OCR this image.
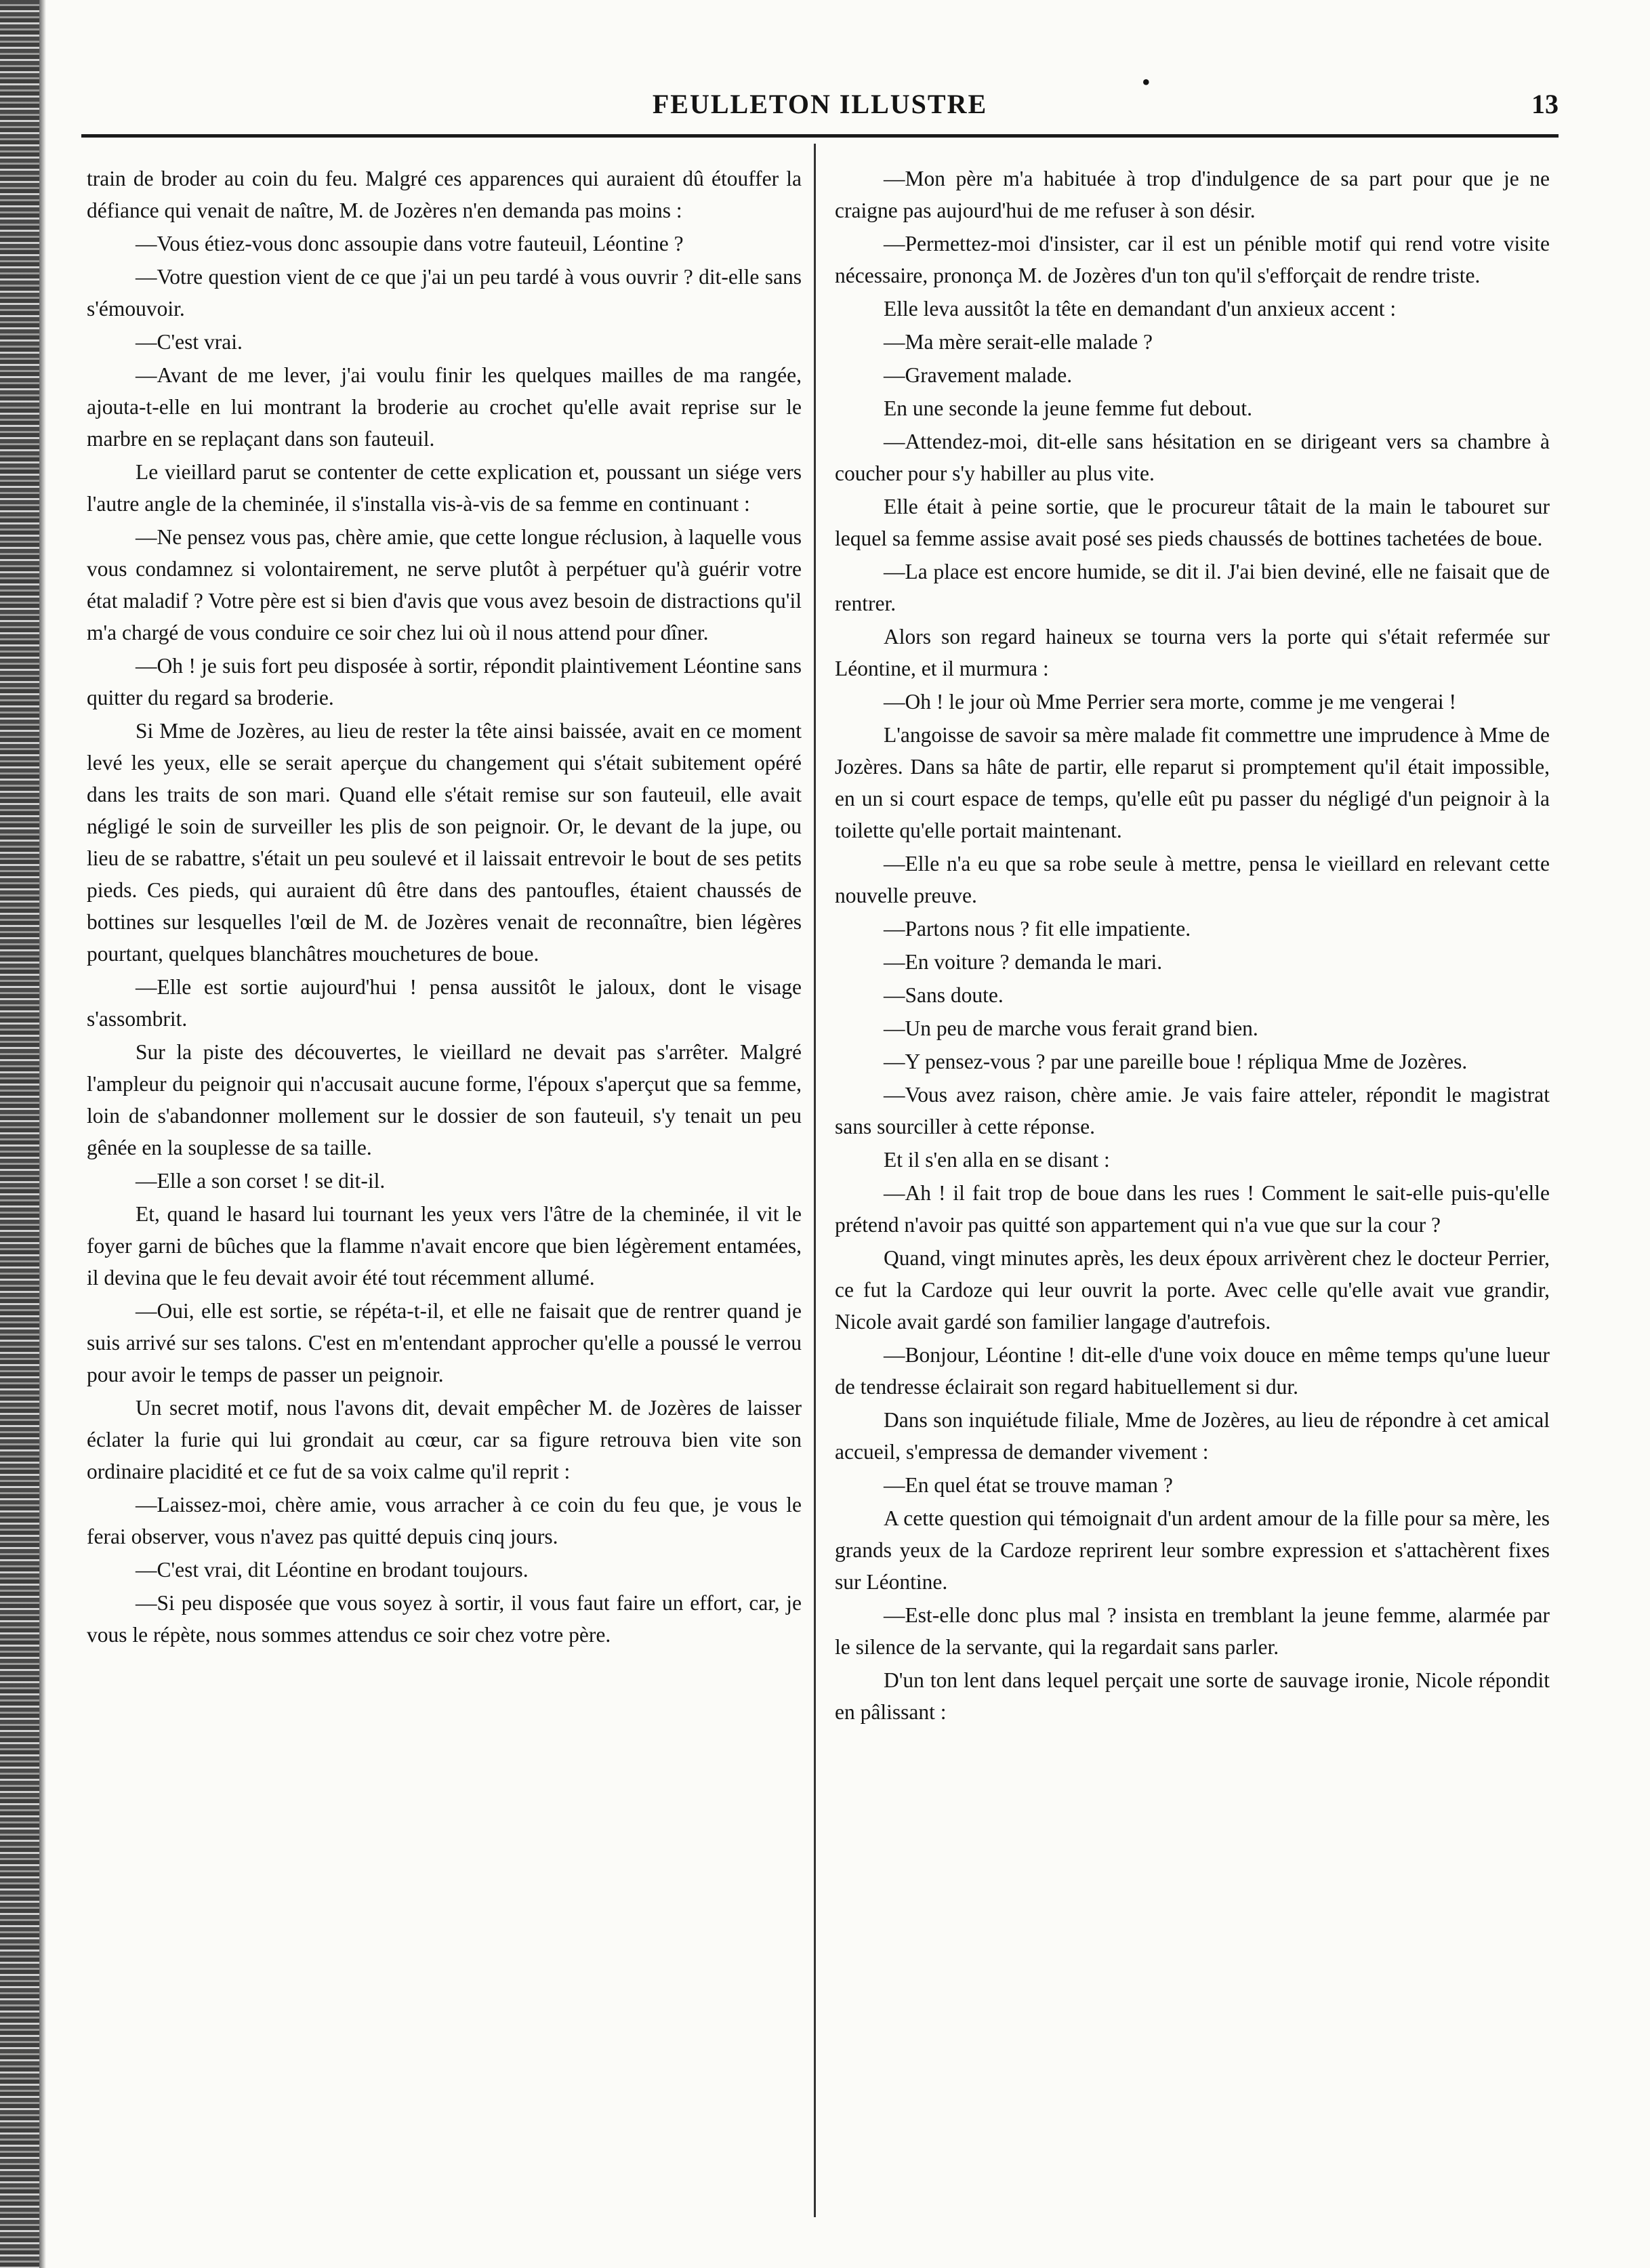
•
FEULLETON ILLUSTRE	13

train de broder au coin du feu. Malgré ces apparences qui auraient dû étouffer la défiance qui venait de naître, M. de Jozères n'en demanda pas moins :

—Vous étiez-vous donc assoupie dans votre fauteuil, Léontine ?

—Votre question vient de ce que j'ai un peu tardé à vous ouvrir ? dit-elle sans s'émouvoir.

—C'est vrai.

—Avant de me lever, j'ai voulu finir les quelques mailles de ma rangée, ajouta-t-elle en lui montrant la broderie au crochet qu'elle avait reprise sur le marbre en se replaçant dans son fauteuil.

Le vieillard parut se contenter de cette explication et, poussant un siége vers l'autre angle de la cheminée, il s'installa vis-à-vis de sa femme en continuant :

—Ne pensez vous pas, chère amie, que cette longue réclusion, à laquelle vous vous condamnez si volontairement, ne serve plutôt à perpétuer qu'à guérir votre état maladif ? Votre père est si bien d'avis que vous avez besoin de distractions qu'il m'a chargé de vous conduire ce soir chez lui où il nous attend pour dîner.

—Oh ! je suis fort peu disposée à sortir, répondit plaintivement Léontine sans quitter du regard sa broderie.

Si Mme de Jozères, au lieu de rester la tête ainsi baissée, avait en ce moment levé les yeux, elle se serait aperçue du changement qui s'était subitement opéré dans les traits de son mari. Quand elle s'était remise sur son fauteuil, elle avait négligé le soin de surveiller les plis de son peignoir. Or, le devant de la jupe, ou lieu de se rabattre, s'était un peu soulevé et il laissait entrevoir le bout de ses petits pieds. Ces pieds, qui auraient dû être dans des pantoufles, étaient chaussés de bottines sur lesquelles l'œil de M. de Jozères venait de reconnaître, bien légères pourtant, quelques blanchâtres mouchetures de boue.

—Elle est sortie aujourd'hui ! pensa aussitôt le jaloux, dont le visage s'assombrit.

Sur la piste des découvertes, le vieillard ne devait pas s'arrêter. Malgré l'ampleur du peignoir qui n'accusait aucune forme, l'époux s'aperçut que sa femme, loin de s'abandonner mollement sur le dossier de son fauteuil, s'y tenait un peu gênée en la souplesse de sa taille.

—Elle a son corset ! se dit-il.

Et, quand le hasard lui tournant les yeux vers l'âtre de la cheminée, il vit le foyer garni de bûches que la flamme n'avait encore que bien légèrement entamées, il devina que le feu devait avoir été tout récemment allumé.

—Oui, elle est sortie, se répéta-t-il, et elle ne faisait que de rentrer quand je suis arrivé sur ses talons. C'est en m'entendant approcher qu'elle a poussé le verrou pour avoir le temps de passer un peignoir.

Un secret motif, nous l'avons dit, devait empêcher M. de Jozères de laisser éclater la furie qui lui grondait au cœur, car sa figure retrouva bien vite son ordinaire placidité et ce fut de sa voix calme qu'il reprit :

—Laissez-moi, chère amie, vous arracher à ce coin du feu que, je vous le ferai observer, vous n'avez pas quitté depuis cinq jours.

—C'est vrai, dit Léontine en brodant toujours.

—Si peu disposée que vous soyez à sortir, il vous faut faire un effort, car, je vous le répète, nous sommes attendus ce soir chez votre père.

—Mon père m'a habituée à trop d'indulgence de sa part pour que je ne craigne pas aujourd'hui de me refuser à son désir.

—Permettez-moi d'insister, car il est un pénible motif qui rend votre visite nécessaire, prononça M. de Jozères d'un ton qu'il s'efforçait de rendre triste.

Elle leva aussitôt la tête en demandant d'un anxieux accent :

—Ma mère serait-elle malade ?

—Gravement malade.

En une seconde la jeune femme fut debout.

—Attendez-moi, dit-elle sans hésitation en se dirigeant vers sa chambre à coucher pour s'y habiller au plus vite.

Elle était à peine sortie, que le procureur tâtait de la main le tabouret sur lequel sa femme assise avait posé ses pieds chaussés de bottines tachetées de boue.

—La place est encore humide, se dit il. J'ai bien deviné, elle ne faisait que de rentrer.

Alors son regard haineux se tourna vers la porte qui s'était refermée sur Léontine, et il murmura :

—Oh ! le jour où Mme Perrier sera morte, comme je me vengerai !

L'angoisse de savoir sa mère malade fit commettre une imprudence à Mme de Jozères. Dans sa hâte de partir, elle reparut si promptement qu'il était impossible, en un si court espace de temps, qu'elle eût pu passer du négligé d'un peignoir à la toilette qu'elle portait maintenant.

—Elle n'a eu que sa robe seule à mettre, pensa le vieillard en relevant cette nouvelle preuve.

—Partons nous ? fit elle impatiente.

—En voiture ? demanda le mari.

—Sans doute.

—Un peu de marche vous ferait grand bien.

—Y pensez-vous ? par une pareille boue ! répliqua Mme de Jozères.

—Vous avez raison, chère amie. Je vais faire atteler, répondit le magistrat sans sourciller à cette réponse.

Et il s'en alla en se disant :

—Ah ! il fait trop de boue dans les rues ! Comment le sait-elle puis-qu'elle prétend n'avoir pas quitté son appartement qui n'a vue que sur la cour ?

Quand, vingt minutes après, les deux époux arrivèrent chez le docteur Perrier, ce fut la Cardoze qui leur ouvrit la porte. Avec celle qu'elle avait vue grandir, Nicole avait gardé son familier langage d'autrefois.

—Bonjour, Léontine ! dit-elle d'une voix douce en même temps qu'une lueur de tendresse éclairait son regard habituellement si dur.

Dans son inquiétude filiale, Mme de Jozères, au lieu de répondre à cet amical accueil, s'empressa de demander vivement :

—En quel état se trouve maman ?

A cette question qui témoignait d'un ardent amour de la fille pour sa mère, les grands yeux de la Cardoze reprirent leur sombre expression et s'attachèrent fixes sur Léontine.

—Est-elle donc plus mal ? insista en tremblant la jeune femme, alarmée par le silence de la servante, qui la regardait sans parler.

D'un ton lent dans lequel perçait une sorte de sauvage ironie, Nicole répondit en pâlissant :
